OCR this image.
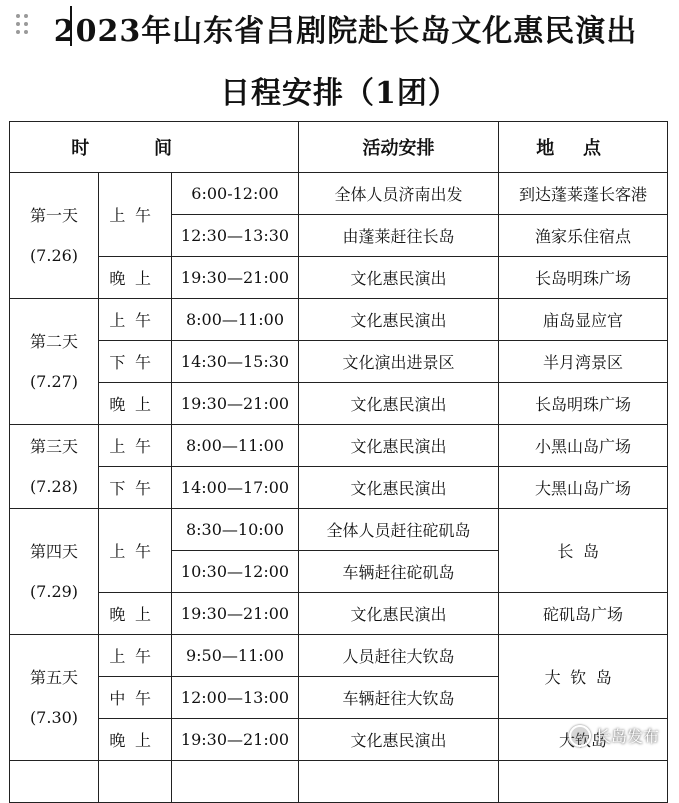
2023年山东省吕剧院赴长岛文化惠民演出
日程安排（1团）
时间			活动安排	地点

第一天
(7.26)	上午	6:00-12:00	全体人员济南出发	到达蓬莱蓬长客港
		12:30—13:30	由蓬莱赶往长岛	渔家乐住宿点
	晚上	19:30—21:00	文化惠民演出	长岛明珠广场

第二天
(7.27)	上午	8:00—11:00	文化惠民演出	庙岛显应官
	下午	14:30—15:30	文化演出进景区	半月湾景区
	晚上	19:30—21:00	文化惠民演出	长岛明珠广场

第三天
(7.28)	上午	8:00—11:00	文化惠民演出	小黑山岛广场
	下午	14:00—17:00	文化惠民演出	大黑山岛广场

第四天
(7.29)	上午	8:30—10:00	全体人员赶往砣矶岛	长岛
		10:30—12:00	车辆赶往砣矶岛	
	晚上	19:30—21:00	文化惠民演出	砣矶岛广场

第五天
(7.30)	上午	9:50—11:00	人员赶往大钦岛	大钦岛
	中午	12:00—13:00	车辆赶往大钦岛	
	晚上	19:30—21:00	文化惠民演出	大钦岛

长岛发布
